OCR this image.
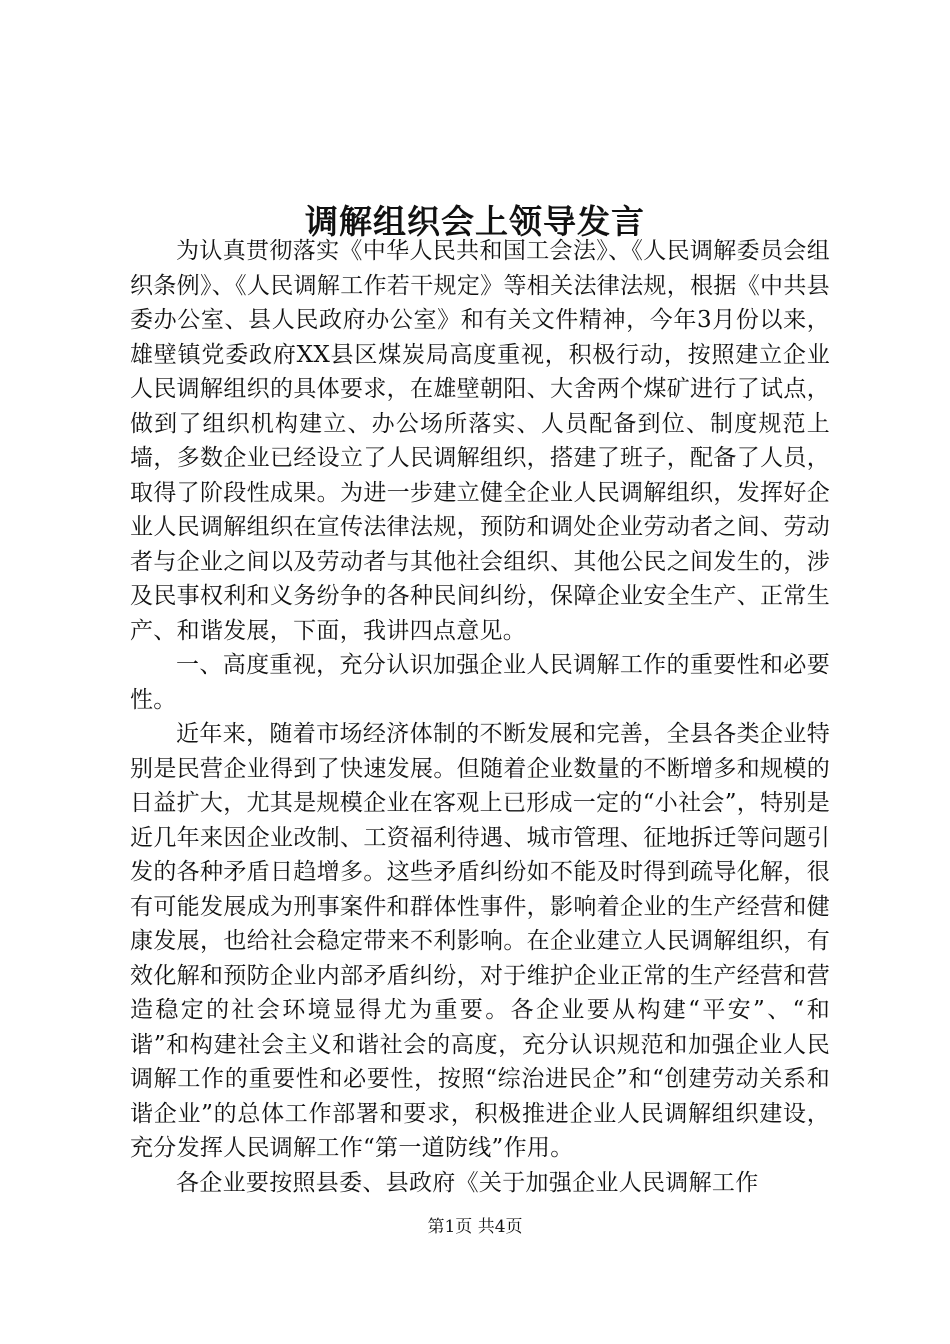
调解组织会上领导发言

为认真贯彻落实《中华人民共和国工会法》、《人民调解委员会组织条例》、《人民调解工作若干规定》等相关法律法规，根据《中共县委办公室、县人民政府办公室》和有关文件精神，今年3月份以来，雄壁镇党委政府XX县区煤炭局高度重视，积极行动，按照建立企业人民调解组织的具体要求，在雄壁朝阳、大舍两个煤矿进行了试点，做到了组织机构建立、办公场所落实、人员配备到位、制度规范上墙，多数企业已经设立了人民调解组织，搭建了班子，配备了人员，取得了阶段性成果。为进一步建立健全企业人民调解组织，发挥好企业人民调解组织在宣传法律法规，预防和调处企业劳动者之间、劳动者与企业之间以及劳动者与其他社会组织、其他公民之间发生的，涉及民事权利和义务纷争的各种民间纠纷，保障企业安全生产、正常生产、和谐发展，下面，我讲四点意见。

一、高度重视，充分认识加强企业人民调解工作的重要性和必要性。

近年来，随着市场经济体制的不断发展和完善，全县各类企业特别是民营企业得到了快速发展。但随着企业数量的不断增多和规模的日益扩大，尤其是规模企业在客观上已形成一定的“小社会”，特别是近几年来因企业改制、工资福利待遇、城市管理、征地拆迁等问题引发的各种矛盾日趋增多。这些矛盾纠纷如不能及时得到疏导化解，很有可能发展成为刑事案件和群体性事件，影响着企业的生产经营和健康发展，也给社会稳定带来不利影响。在企业建立人民调解组织，有效化解和预防企业内部矛盾纠纷，对于维护企业正常的生产经营和营造稳定的社会环境显得尤为重要。各企业要从构建“平安”、“和谐”和构建社会主义和谐社会的高度，充分认识规范和加强企业人民调解工作的重要性和必要性，按照“综治进民企”和“创建劳动关系和谐企业”的总体工作部署和要求，积极推进企业人民调解组织建设，充分发挥人民调解工作“第一道防线”作用。

各企业要按照县委、县政府《关于加强企业人民调解工作

第1页 共4页
